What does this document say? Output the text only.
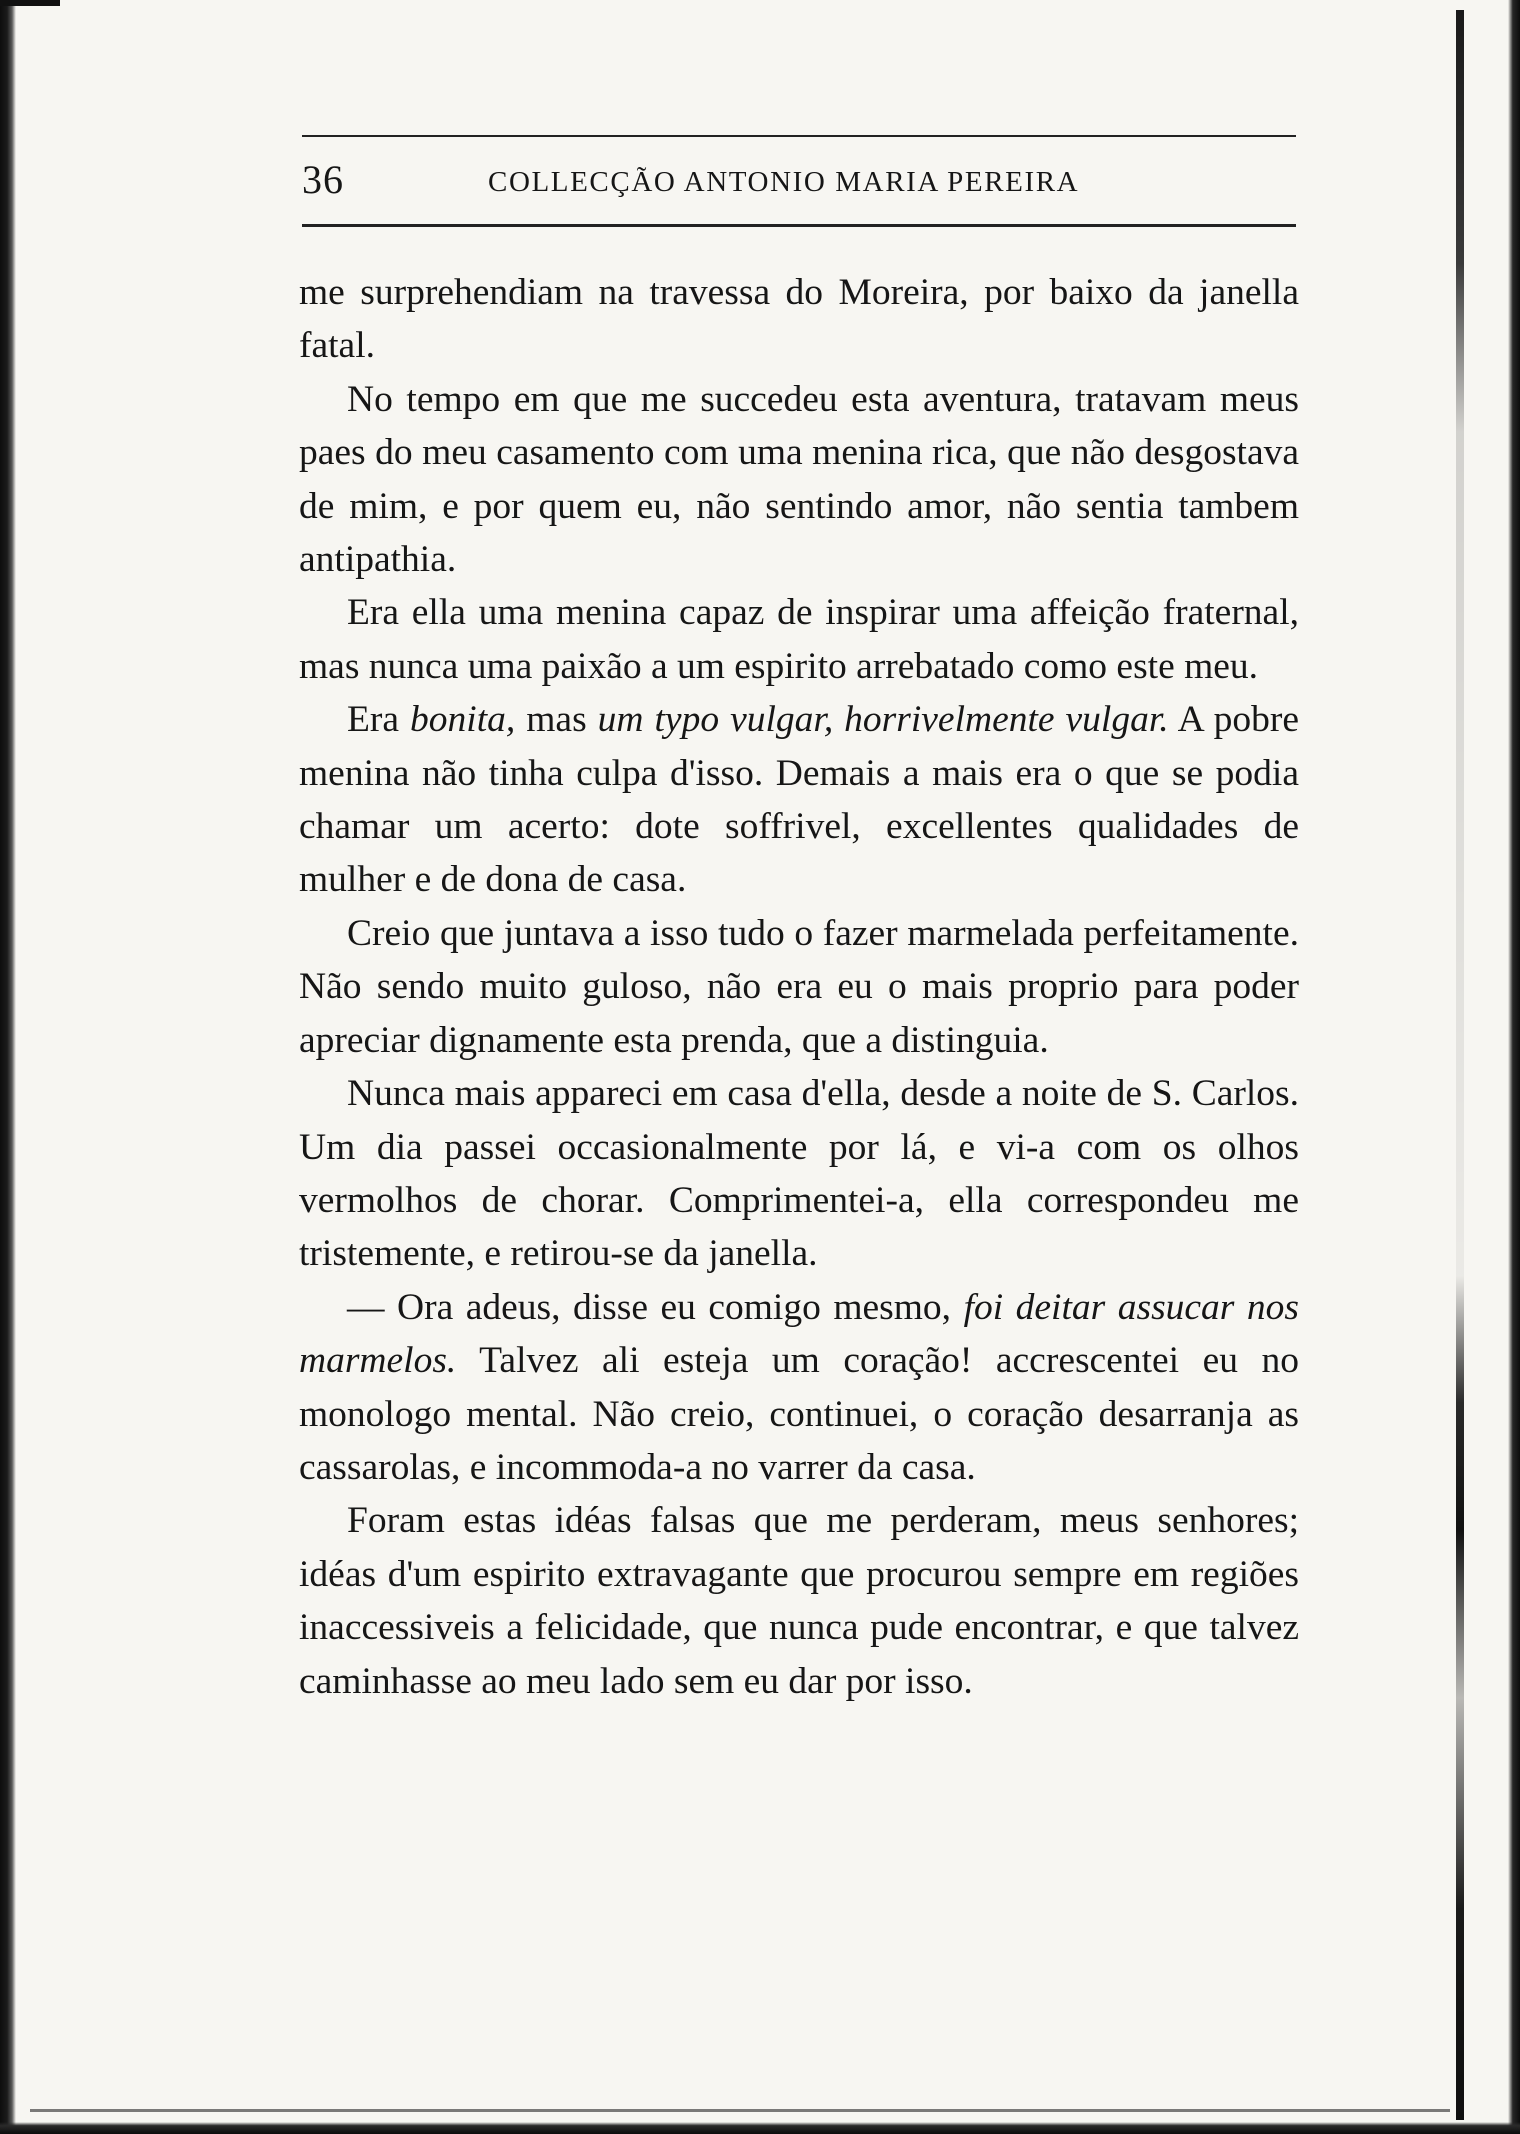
36	COLLECÇÃO ANTONIO MARIA PEREIRA

me surprehendiam na travessa do Moreira, por baixo da janella fatal.

No tempo em que me succedeu esta aventura, tratavam meus paes do meu casamento com uma menina rica, que não desgostava de mim, e por quem eu, não sentindo amor, não sentia tambem antipathia.

Era ella uma menina capaz de inspirar uma affeição fraternal, mas nunca uma paixão a um espirito arrebatado como este meu.

Era bonita, mas um typo vulgar, horrivelmente vulgar. A pobre menina não tinha culpa d'isso. Demais a mais era o que se podia chamar um acerto: dote soffrivel, excellentes qualidades de mulher e de dona de casa.

Creio que juntava a isso tudo o fazer marmelada perfeitamente. Não sendo muito guloso, não era eu o mais proprio para poder apreciar dignamente esta prenda, que a distinguia.

Nunca mais appareci em casa d'ella, desde a noite de S. Carlos. Um dia passei occasionalmente por lá, e vi-a com os olhos vermolhos de chorar. Comprimentei-a, ella correspondeu me tristemente, e retirou-se da janella.

— Ora adeus, disse eu comigo mesmo, foi deitar assucar nos marmelos. Talvez ali esteja um coração! accrescentei eu no monologo mental. Não creio, continuei, o coração desarranja as cassarolas, e incommoda-a no varrer da casa.

Foram estas idéas falsas que me perderam, meus senhores; idéas d'um espirito extravagante que procurou sempre em regiões inaccessiveis a felicidade, que nunca pude encontrar, e que talvez caminhasse ao meu lado sem eu dar por isso.
